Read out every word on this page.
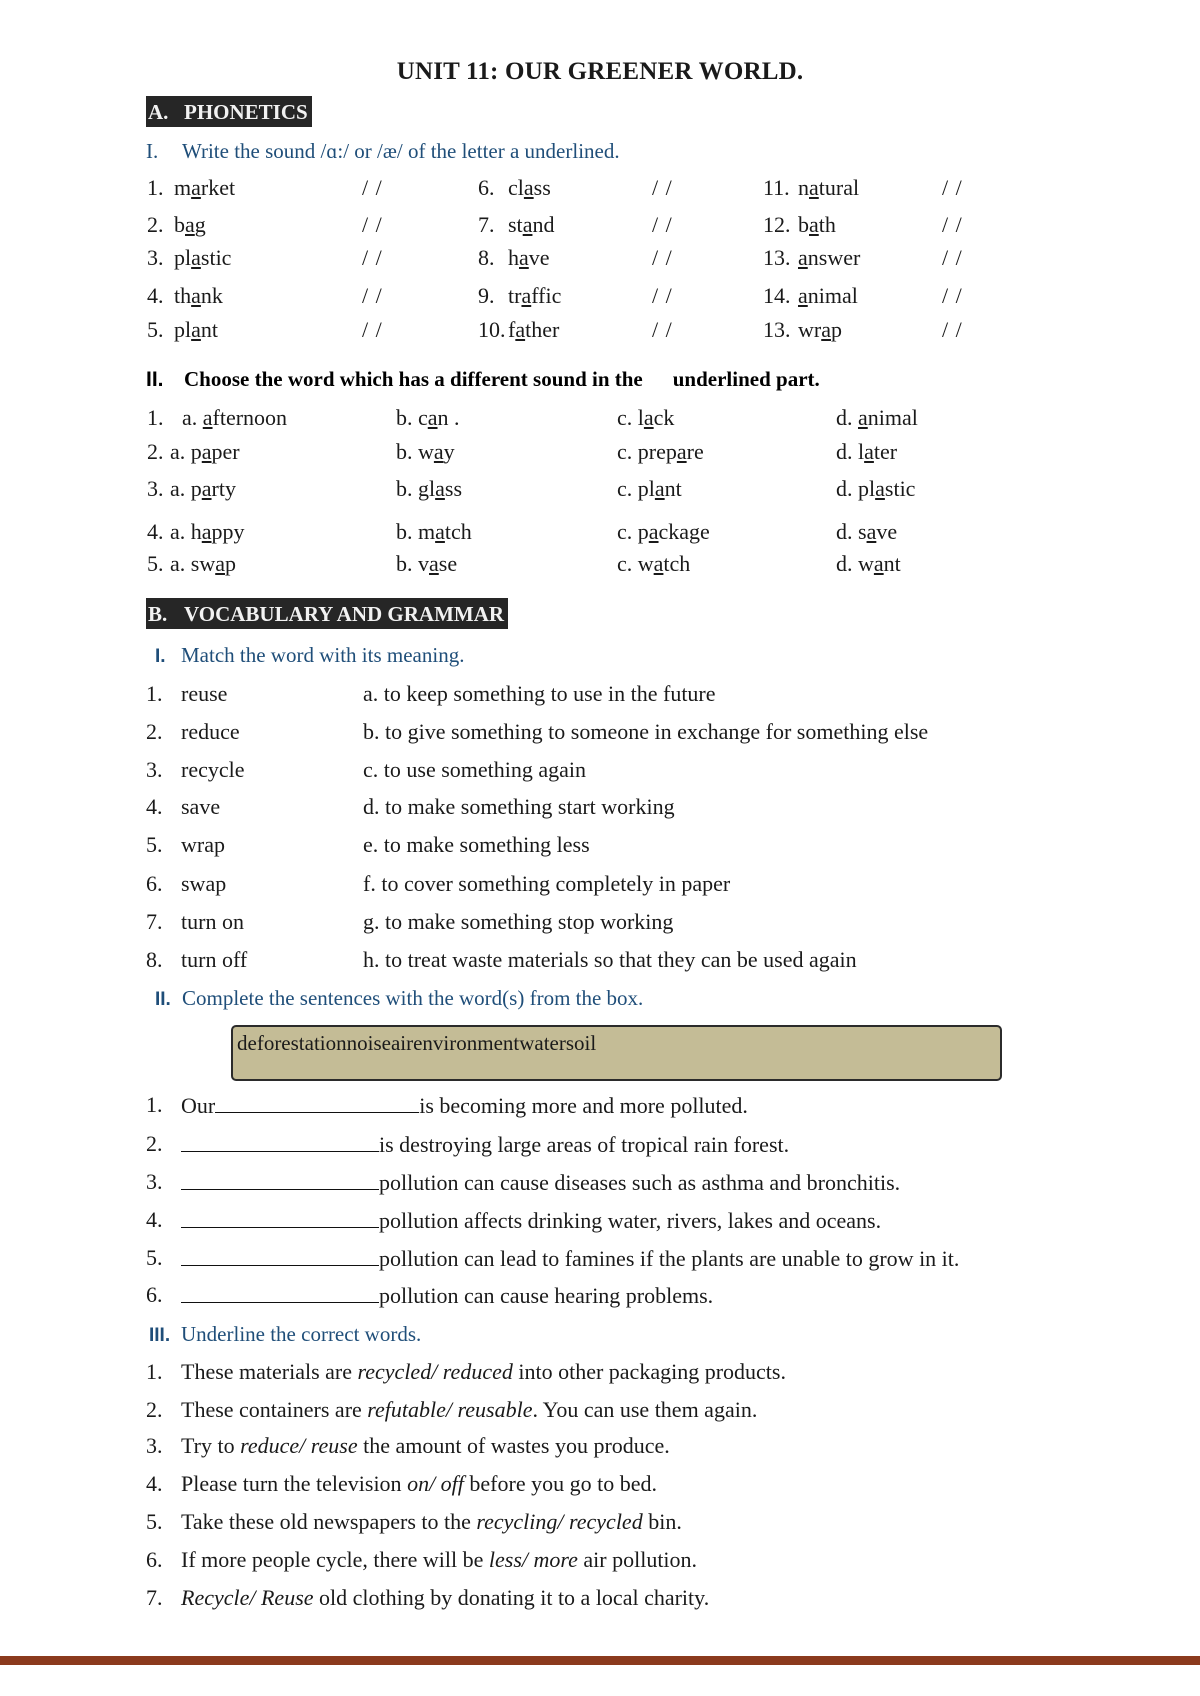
UNIT 11: OUR GREENER WORLD.
A. PHONETICS
I. Write the sound /ɑ:/ or /æ/ of the letter a underlined.
1. market	/ /	6. class	/ /	11. natural	/ /
2. bag	/ /	7. stand	/ /	12. bath	/ /
3. plastic	/ /	8. have	/ /	13. answer	/ /
4. thank	/ /	9. traffic	/ /	14. animal	/ /
5. plant	/ /	10. father	/ /	13. wrap	/ /
II. Choose the word which has a different sound in the underlined part.
1. a. afternoon	b. can .	c. lack	d. animal
2. a. paper	b. way	c. prepare	d. later
3. a. party	b. glass	c. plant	d. plastic
4. a. happy	b. match	c. package	d. save
5. a. swap	b. vase	c. watch	d. want
B. VOCABULARY AND GRAMMAR
I. Match the word with its meaning.
1. reuse	a. to keep something to use in the future
2. reduce	b. to give something to someone in exchange for something else
3. recycle	c. to use something again
4. save	d. to make something start working
5. wrap	e. to make something less
6. swap	f. to cover something completely in paper
7. turn on	g. to make something stop working
8. turn off	h. to treat waste materials so that they can be used again
II. Complete the sentences with the word(s) from the box.
deforestationnoiseairenvironmentwatersoil
1. Our	is becoming more and more polluted.
2.	is destroying large areas of tropical rain forest.
3.	pollution can cause diseases such as asthma and bronchitis.
4.	pollution affects drinking water, rivers, lakes and oceans.
5.	pollution can lead to famines if the plants are unable to grow in it.
6.	pollution can cause hearing problems.
III. Underline the correct words.
1. These materials are recycled/ reduced into other packaging products.
2. These containers are refutable/ reusable. You can use them again.
3. Try to reduce/ reuse the amount of wastes you produce.
4. Please turn the television on/ off before you go to bed.
5. Take these old newspapers to the recycling/ recycled bin.
6. If more people cycle, there will be less/ more air pollution.
7. Recycle/ Reuse old clothing by donating it to a local charity.
